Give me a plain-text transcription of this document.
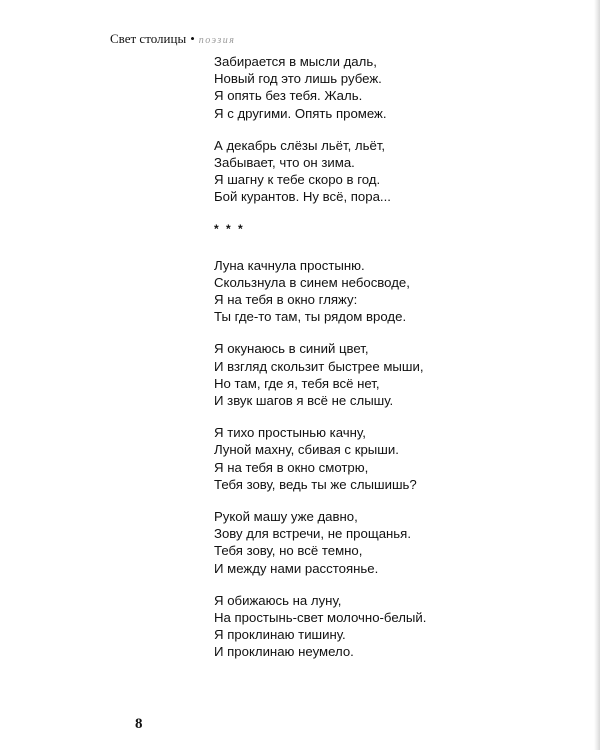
Свет столицы • поэзия
Забирается в мысли даль,
Новый год это лишь рубеж.
Я опять без тебя. Жаль.
Я с другими. Опять промеж.
А декабрь слёзы льёт, льёт,
Забывает, что он зима.
Я шагну к тебе скоро в год.
Бой курантов. Ну всё, пора...
* * *
Луна качнула простыню.
Скользнула в синем небосводе,
Я на тебя в окно гляжу:
Ты где-то там, ты рядом вроде.
Я окунаюсь в синий цвет,
И взгляд скользит быстрее мыши,
Но там, где я, тебя всё нет,
И звук шагов я всё не слышу.
Я тихо простынью качну,
Луной махну, сбивая с крыши.
Я на тебя в окно смотрю,
Тебя зову, ведь ты же слышишь?
Рукой машу уже давно,
Зову для встречи, не прощанья.
Тебя зову, но всё темно,
И между нами расстоянье.
Я обижаюсь на луну,
На простынь-свет молочно-белый.
Я проклинаю тишину.
И проклинаю неумело.
8
